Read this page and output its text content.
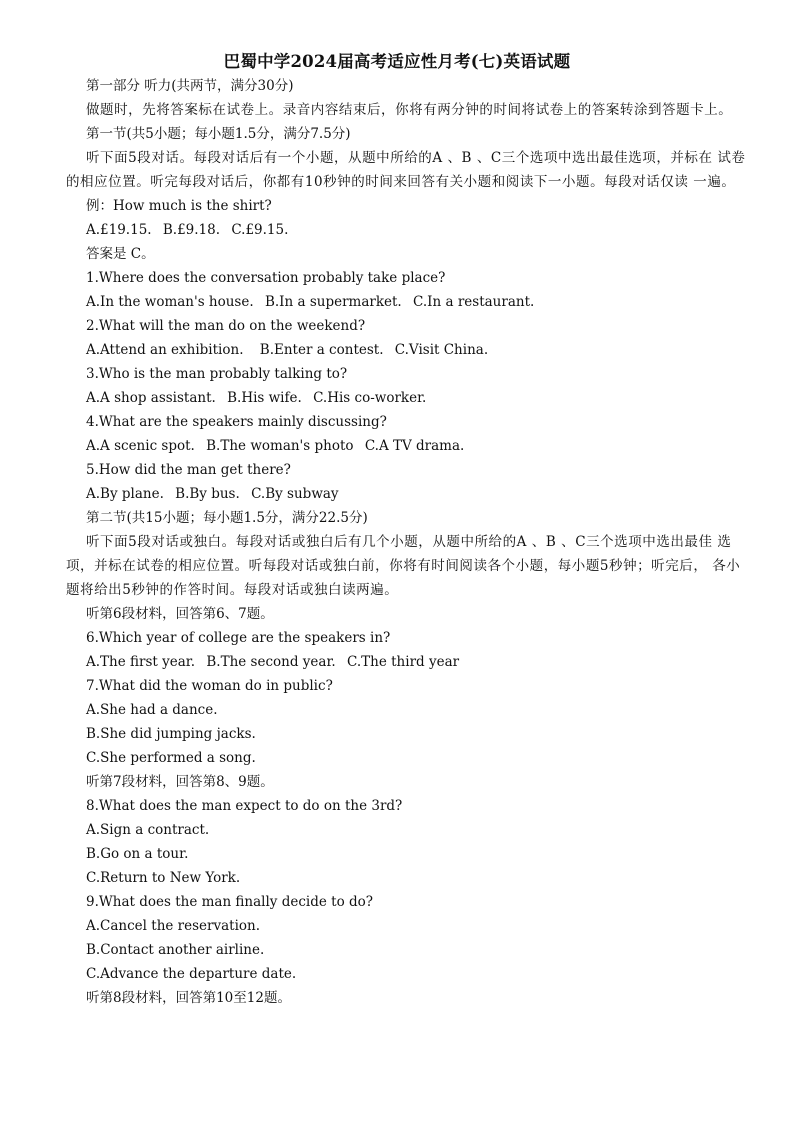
巴蜀中学2024届高考适应性月考(七)英语试题
第一部分 听力(共两节，满分30分)
做题时，先将答案标在试卷上。录音内容结束后，你将有两分钟的时间将试卷上的答案转涂到答题卡上。
第一节(共5小题；每小题1.5分，满分7.5分)
听下面5段对话。每段对话后有一个小题，从题中所给的A 、B 、C三个选项中选出最佳选项，并标在 试卷的相应位置。听完每段对话后，你都有10秒钟的时间来回答有关小题和阅读下一小题。每段对话仅读 一遍。
例：How much is the shirt?
A.£19.15. B.£9.18. C.£9.15.
答案是 C。
1.Where does the conversation probably take place?
A.In the woman's house. B.In a supermarket. C.In a restaurant.
2.What will the man do on the weekend?
A.Attend an exhibition. B.Enter a contest. C.Visit China.
3.Who is the man probably talking to?
A.A shop assistant. B.His wife. C.His co-worker.
4.What are the speakers mainly discussing?
A.A scenic spot. B.The woman's photo C.A TV drama.
5.How did the man get there?
A.By plane. B.By bus. C.By subway
第二节(共15小题；每小题1.5分，满分22.5分)
听下面5段对话或独白。每段对话或独白后有几个小题，从题中所给的A 、B 、C三个选项中选出最佳 选项，并标在试卷的相应位置。听每段对话或独白前，你将有时间阅读各个小题，每小题5秒钟；听完后， 各小题将给出5秒钟的作答时间。每段对话或独白读两遍。
听第6段材料，回答第6、7题。
6.Which year of college are the speakers in?
A.The first year. B.The second year. C.The third year
7.What did the woman do in public?
A.She had a dance.
B.She did jumping jacks.
C.She performed a song.
听第7段材料，回答第8、9题。
8.What does the man expect to do on the 3rd?
A.Sign a contract.
B.Go on a tour.
C.Return to New York.
9.What does the man finally decide to do?
A.Cancel the reservation.
B.Contact another airline.
C.Advance the departure date.
听第8段材料，回答第10至12题。
